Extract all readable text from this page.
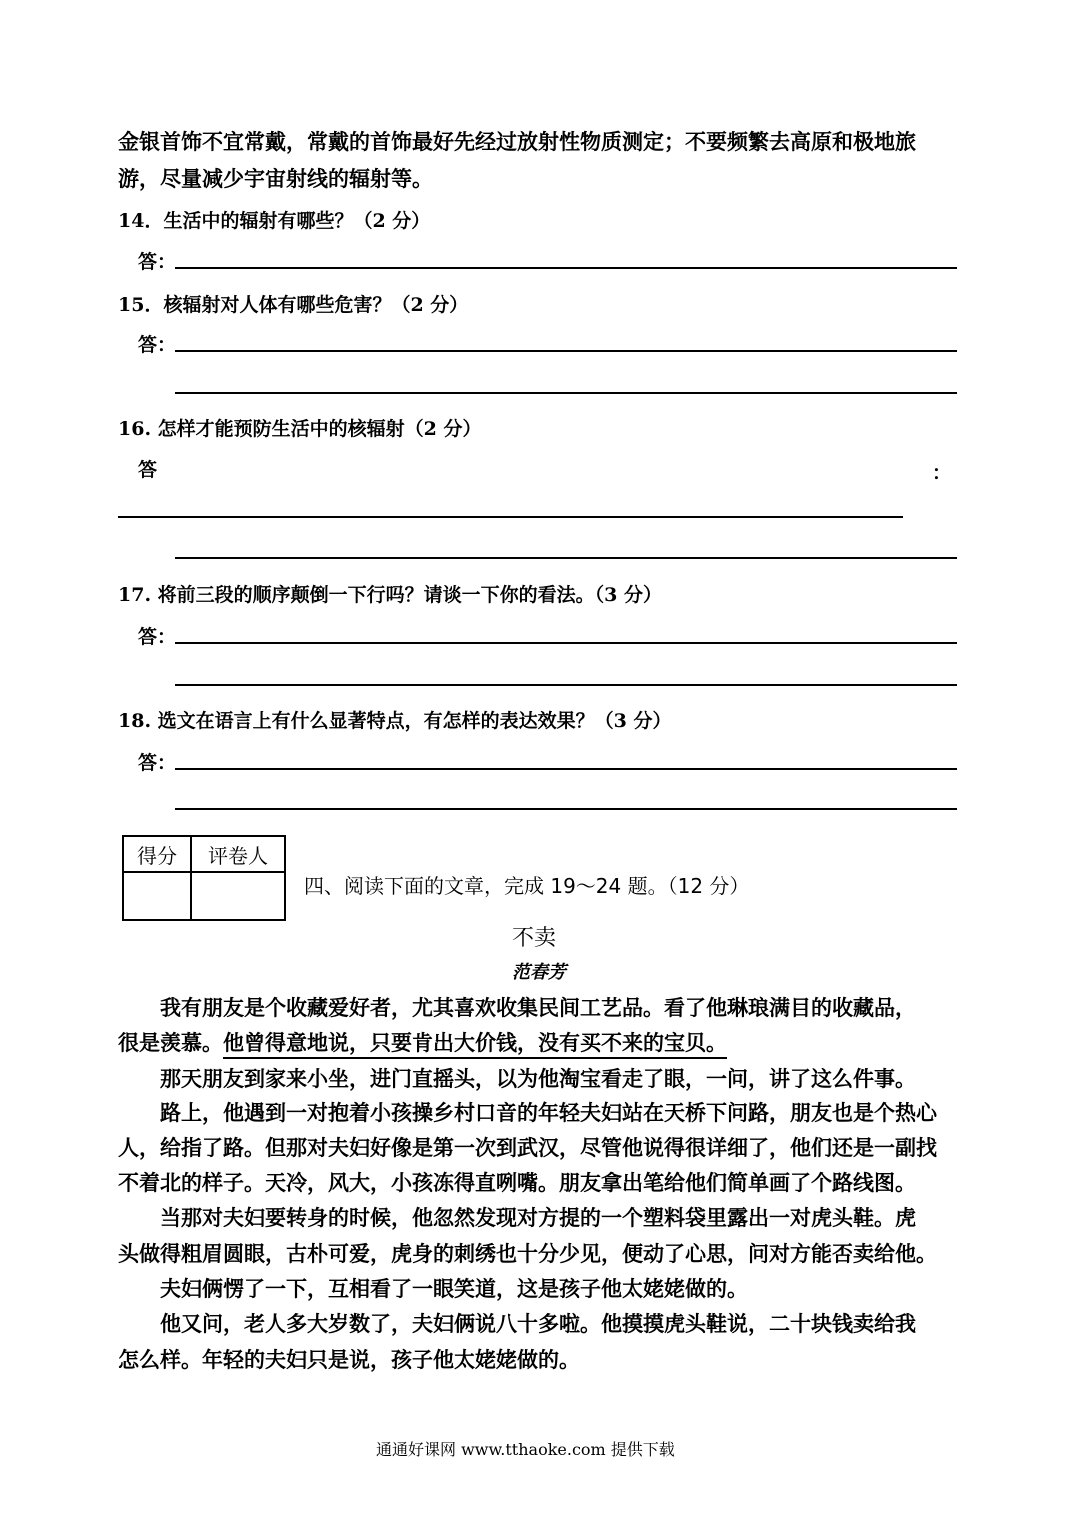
金银首饰不宜常戴，常戴的首饰最好先经过放射性物质测定；不要频繁去高原和极地旅
游，尽量减少宇宙射线的辐射等。
14．生活中的辐射有哪些？（2 分）
答：
15．核辐射对人体有哪些危害？（2 分）
答：
16. 怎样才能预防生活中的核辐射（2 分）
答	：
17. 将前三段的顺序颠倒一下行吗？请谈一下你的看法。（3 分）
答：
18. 选文在语言上有什么显著特点，有怎样的表达效果？（3 分）
答：
得分	评卷人

四、阅读下面的文章，完成 19～24 题。（12 分）
不卖
范春芳
　　我有朋友是个收藏爱好者，尤其喜欢收集民间工艺品。看了他琳琅满目的收藏品，
很是羡慕。他曾得意地说，只要肯出大价钱，没有买不来的宝贝。
　　那天朋友到家来小坐，进门直摇头，以为他淘宝看走了眼，一问，讲了这么件事。
　　路上，他遇到一对抱着小孩操乡村口音的年轻夫妇站在天桥下问路，朋友也是个热心
人，给指了路。但那对夫妇好像是第一次到武汉，尽管他说得很详细了，他们还是一副找
不着北的样子。天冷，风大，小孩冻得直咧嘴。朋友拿出笔给他们简单画了个路线图。
　　当那对夫妇要转身的时候，他忽然发现对方提的一个塑料袋里露出一对虎头鞋。虎
头做得粗眉圆眼，古朴可爱，虎身的刺绣也十分少见，便动了心思，问对方能否卖给他。
　　夫妇俩愣了一下，互相看了一眼笑道，这是孩子他太姥姥做的。
　　他又问，老人多大岁数了，夫妇俩说八十多啦。他摸摸虎头鞋说，二十块钱卖给我
怎么样。年轻的夫妇只是说，孩子他太姥姥做的。
通通好课网 www.tthaoke.com 提供下载
